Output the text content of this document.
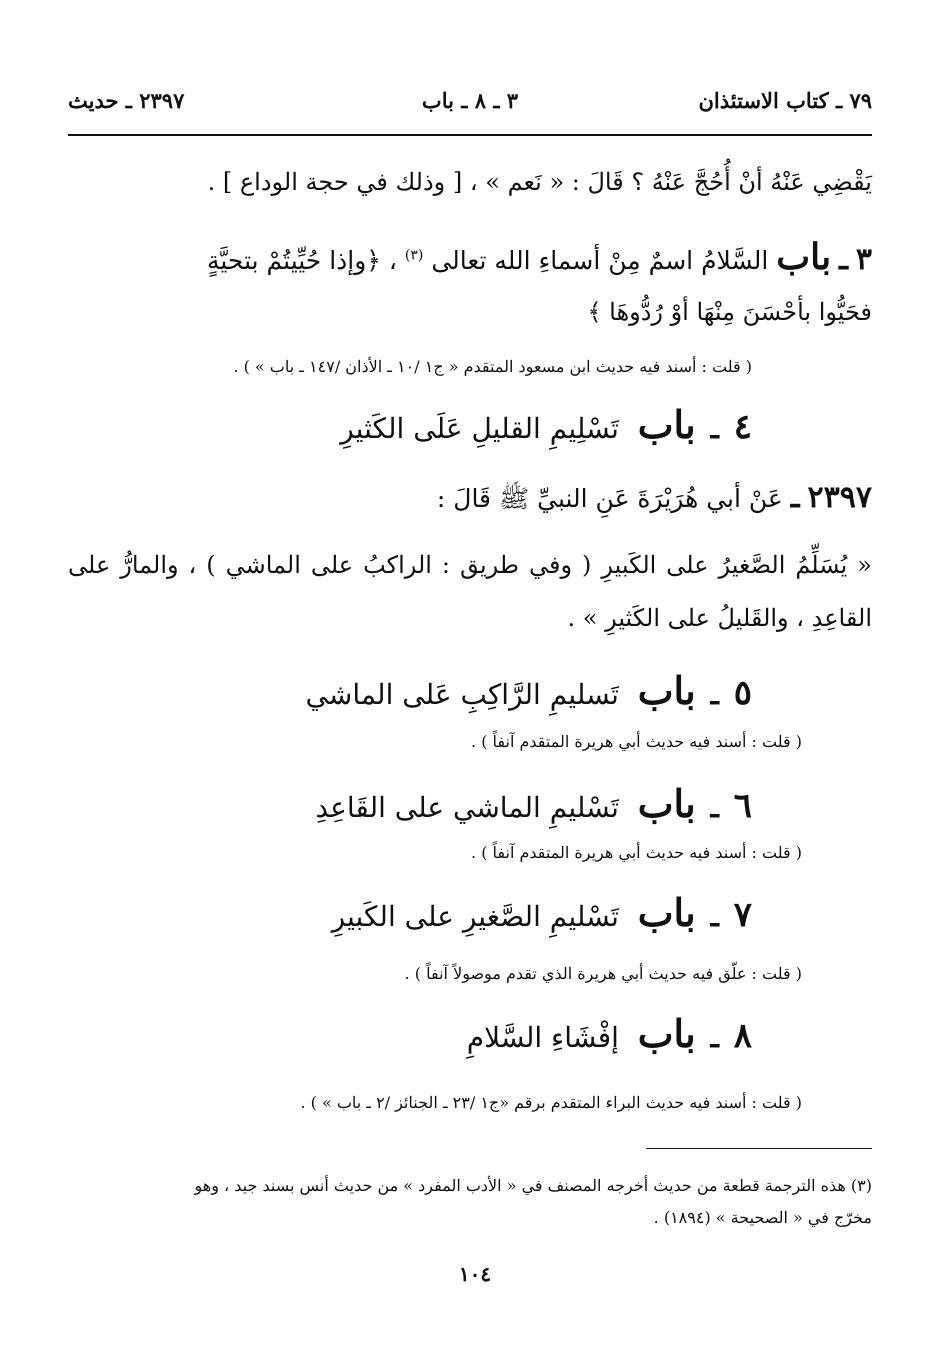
٧٩ ـ كتاب الاستئذان
٣ ـ ٨ ـ باب
٢٣٩٧ ـ حديث
يَقْضِي عَنْهُ أنْ أُحُجَّ عَنْهُ ؟ قَالَ : « نَعم » ، [ وذلك في حجة الوداع ] .
٣ ـ باب السَّلامُ اسمٌ مِنْ أسماءِ الله تعالى $^{(٣)}$ ، ﴿وإذا حُيِّيتُمْ بتحيَّةٍ
فحَيُّوا بأحْسَنَ مِنْهَا أوْ رُدُّوهَا ﴾
( قلت : أسند فيه حديث ابن مسعود المتقدم « ج١ /١٠ ـ الأذان /١٤٧ ـ باب » ) .
٤ ـ باب تَسْلِيمِ القليلِ عَلَى الكَثيرِ
٢٣٩٧ ـ عَنْ أبي هُرَيْرَةَ عَنِ النبيِّ ﷺ قَالَ :
« يُسَلِّمُ الصَّغيرُ على الكَبيرِ ( وفي طريق : الراكبُ على الماشي ) ، والمارُّ على
القاعِدِ ، والقَليلُ على الكَثيرِ » .
٥ ـ باب تَسليمِ الرَّاكِبِ عَلى الماشي
( قلت : أسند فيه حديث أبي هريرة المتقدم آنفاً ) .
٦ ـ باب تَسْليمِ الماشي على القَاعِدِ
( قلت : أسند فيه حديث أبي هريرة المتقدم آنفاً ) .
٧ ـ باب تَسْليمِ الصَّغيرِ على الكَبيرِ
( قلت : علّق فيه حديث أبي هريرة الذي تقدم موصولاً آنفاً ) .
٨ ـ باب إفْشَاءِ السَّلامِ
( قلت : أسند فيه حديث البراء المتقدم برقم «ج١ /٢٣ ـ الجنائز /٢ ـ باب » ) .
(٣) هذه الترجمة قطعة من حديث أخرجه المصنف في « الأدب المفرد » من حديث أنس بسند جيد ، وهو
مخرّج في « الصحيحة » (١٨٩٤) .
١٠٤
